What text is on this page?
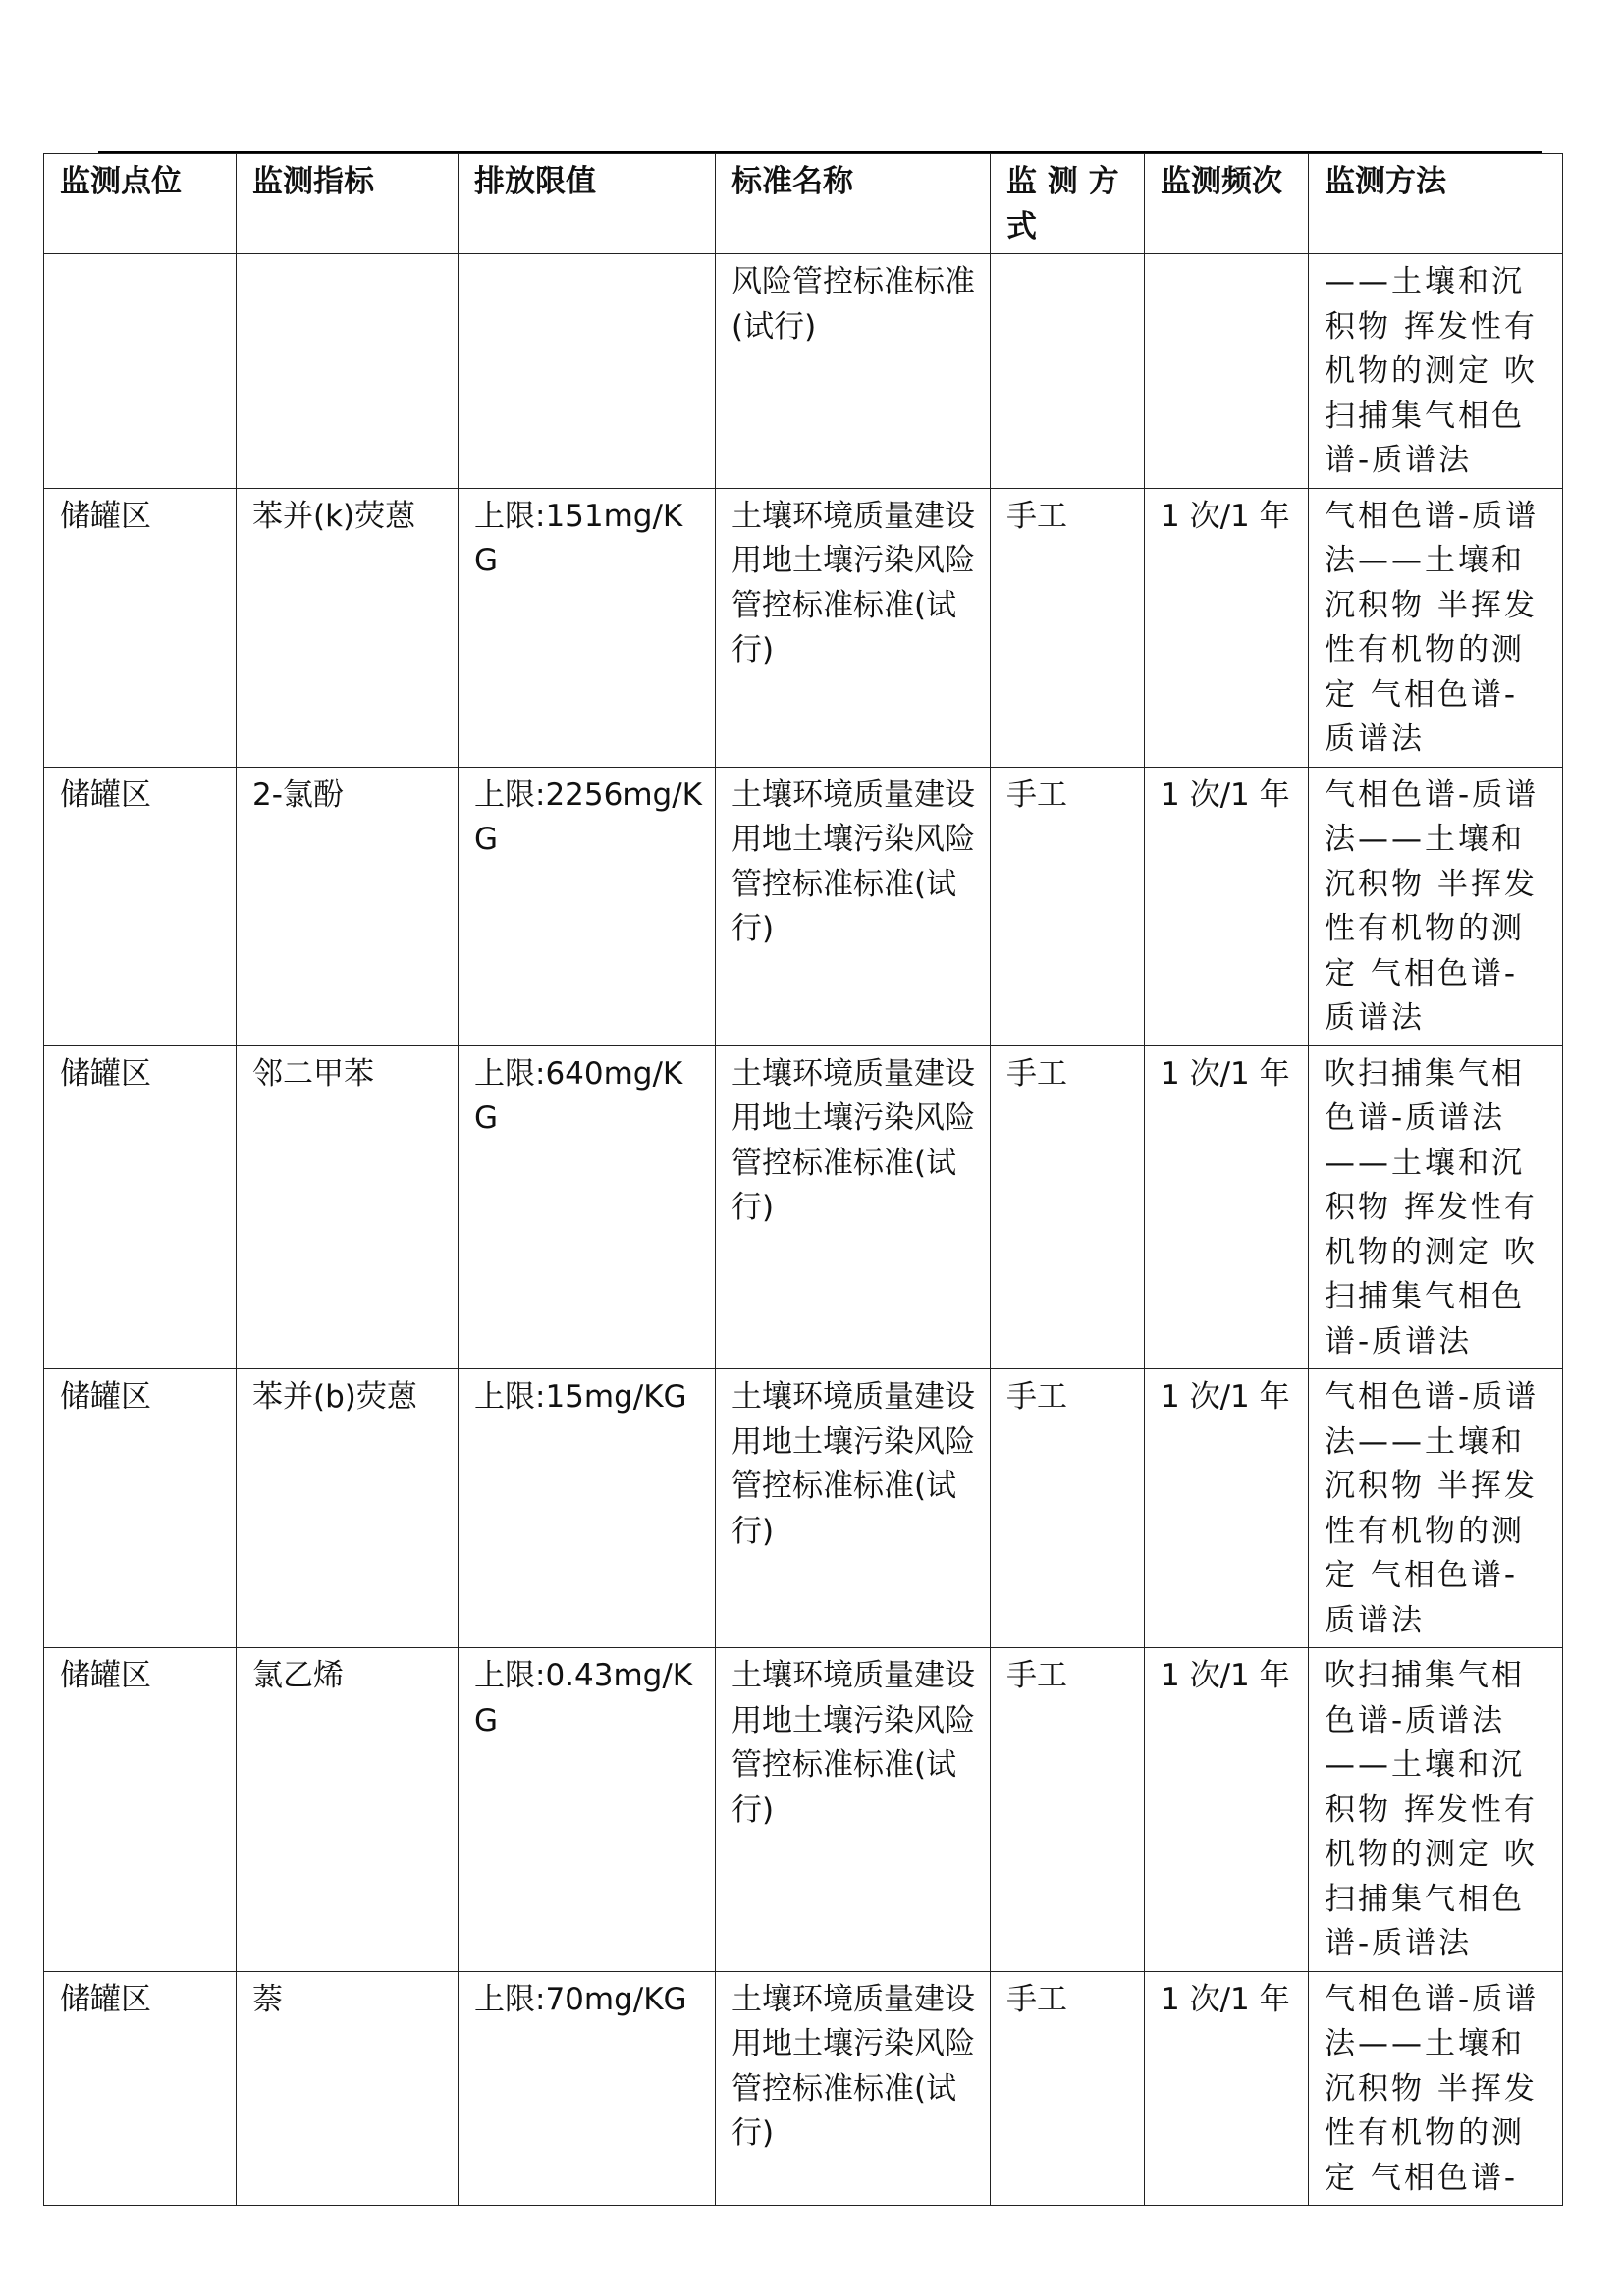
监测点位	监测指标	排放限值	标准名称	监 测 方 式	监测频次	监测方法
			风险管控标准标准(试行)			——土壤和沉积物 挥发性有机物的测定 吹扫捕集气相色谱-质谱法
储罐区	苯并(k)荧蒽	上限:151mg/KG	土壤环境质量建设用地土壤污染风险管控标准标准(试行)	手工	1 次/1 年	气相色谱-质谱法——土壤和沉积物 半挥发性有机物的测定 气相色谱-质谱法
储罐区	2-氯酚	上限:2256mg/KG	土壤环境质量建设用地土壤污染风险管控标准标准(试行)	手工	1 次/1 年	气相色谱-质谱法——土壤和沉积物 半挥发性有机物的测定 气相色谱-质谱法
储罐区	邻二甲苯	上限:640mg/KG	土壤环境质量建设用地土壤污染风险管控标准标准(试行)	手工	1 次/1 年	吹扫捕集气相色谱-质谱法——土壤和沉积物 挥发性有机物的测定 吹扫捕集气相色谱-质谱法
储罐区	苯并(b)荧蒽	上限:15mg/KG	土壤环境质量建设用地土壤污染风险管控标准标准(试行)	手工	1 次/1 年	气相色谱-质谱法——土壤和沉积物 半挥发性有机物的测定 气相色谱-质谱法
储罐区	氯乙烯	上限:0.43mg/KG	土壤环境质量建设用地土壤污染风险管控标准标准(试行)	手工	1 次/1 年	吹扫捕集气相色谱-质谱法——土壤和沉积物 挥发性有机物的测定 吹扫捕集气相色谱-质谱法
储罐区	萘	上限:70mg/KG	土壤环境质量建设用地土壤污染风险管控标准标准(试行)	手工	1 次/1 年	气相色谱-质谱法——土壤和沉积物 半挥发性有机物的测定 气相色谱-
